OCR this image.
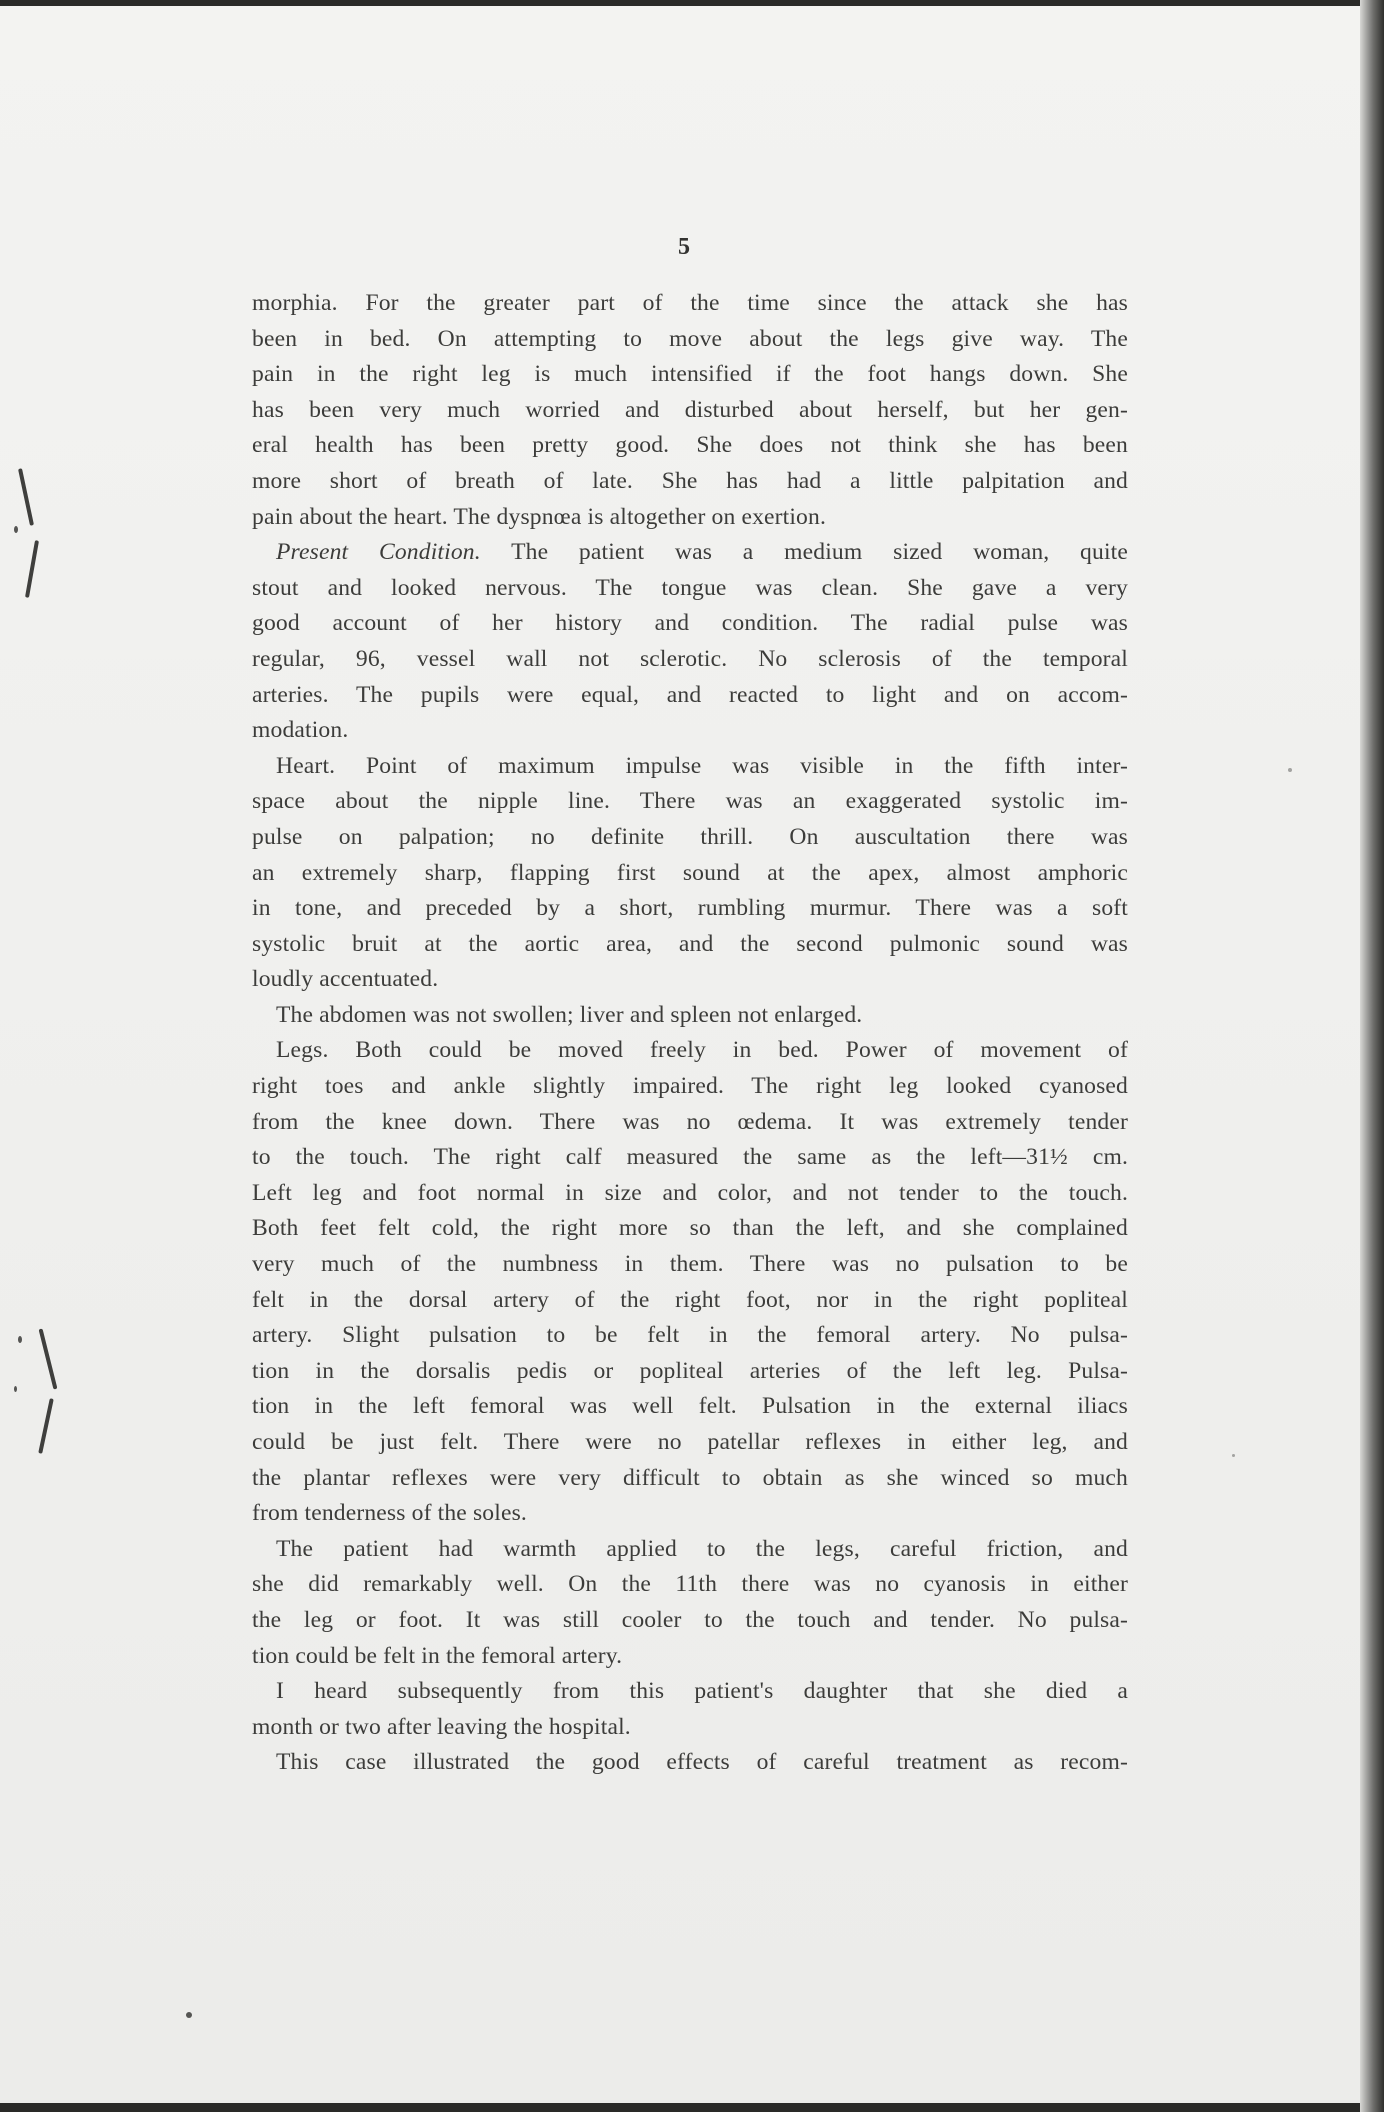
5
morphia. For the greater part of the time since the attack she has
been in bed. On attempting to move about the legs give way. The
pain in the right leg is much intensified if the foot hangs down. She
has been very much worried and disturbed about herself, but her gen-
eral health has been pretty good. She does not think she has been
more short of breath of late. She has had a little palpitation and
pain about the heart. The dyspnœa is altogether on exertion.
Present Condition. The patient was a medium sized woman, quite
stout and looked nervous. The tongue was clean. She gave a very
good account of her history and condition. The radial pulse was
regular, 96, vessel wall not sclerotic. No sclerosis of the temporal
arteries. The pupils were equal, and reacted to light and on accom-
modation.
Heart. Point of maximum impulse was visible in the fifth inter-
space about the nipple line. There was an exaggerated systolic im-
pulse on palpation; no definite thrill. On auscultation there was
an extremely sharp, flapping first sound at the apex, almost amphoric
in tone, and preceded by a short, rumbling murmur. There was a soft
systolic bruit at the aortic area, and the second pulmonic sound was
loudly accentuated.
The abdomen was not swollen; liver and spleen not enlarged.
Legs. Both could be moved freely in bed. Power of movement of
right toes and ankle slightly impaired. The right leg looked cyanosed
from the knee down. There was no œdema. It was extremely tender
to the touch. The right calf measured the same as the left—31½ cm.
Left leg and foot normal in size and color, and not tender to the touch.
Both feet felt cold, the right more so than the left, and she complained
very much of the numbness in them. There was no pulsation to be
felt in the dorsal artery of the right foot, nor in the right popliteal
artery. Slight pulsation to be felt in the femoral artery. No pulsa-
tion in the dorsalis pedis or popliteal arteries of the left leg. Pulsa-
tion in the left femoral was well felt. Pulsation in the external iliacs
could be just felt. There were no patellar reflexes in either leg, and
the plantar reflexes were very difficult to obtain as she winced so much
from tenderness of the soles.
The patient had warmth applied to the legs, careful friction, and
she did remarkably well. On the 11th there was no cyanosis in either
the leg or foot. It was still cooler to the touch and tender. No pulsa-
tion could be felt in the femoral artery.
I heard subsequently from this patient's daughter that she died a
month or two after leaving the hospital.
This case illustrated the good effects of careful treatment as recom-
